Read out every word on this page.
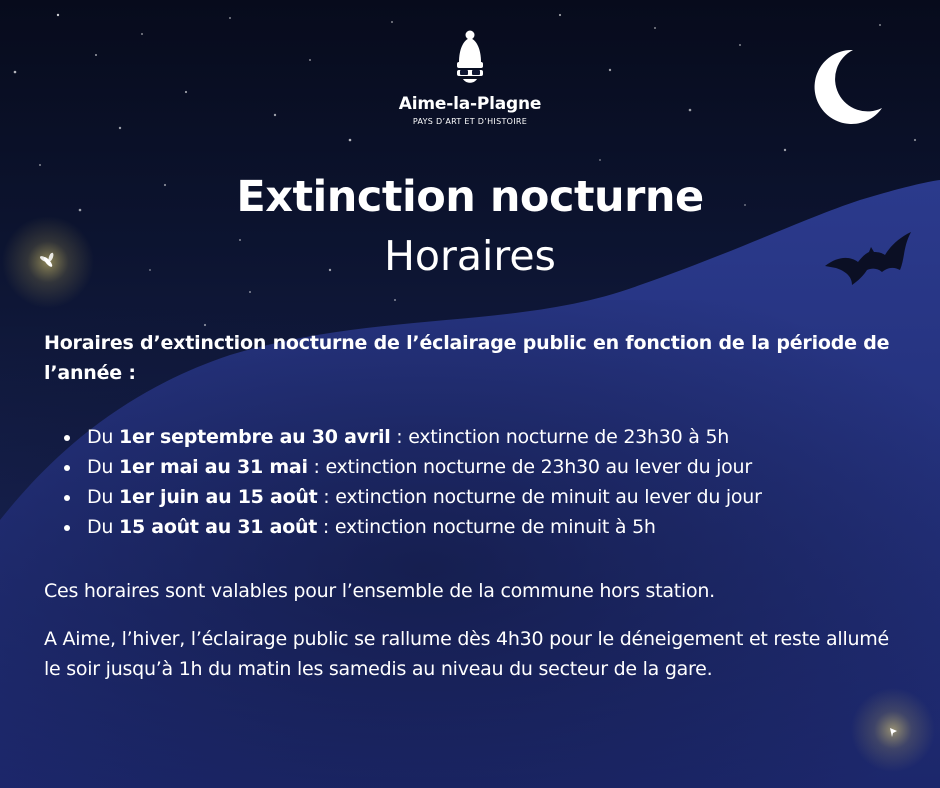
Aime-la-Plagne
PAYS D’ART ET D’HISTOIRE
Extinction nocturne
Horaires
Horaires d’extinction nocturne de l’éclairage public en fonction de la période de l’année :
Du 1er septembre au 30 avril : extinction nocturne de 23h30 à 5h
Du 1er mai au 31 mai : extinction nocturne de 23h30 au lever du jour
Du 1er juin au 15 août : extinction nocturne de minuit au lever du jour
Du 15 août au 31 août : extinction nocturne de minuit à 5h
Ces horaires sont valables pour l’ensemble de la commune hors station.
A Aime, l’hiver, l’éclairage public se rallume dès 4h30 pour le déneigement et reste allumé le soir jusqu’à 1h du matin les samedis au niveau du secteur de la gare.
